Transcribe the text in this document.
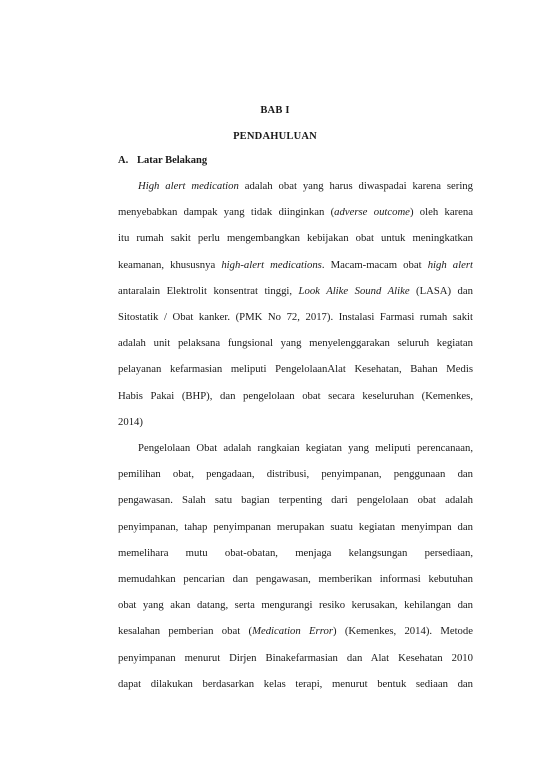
BAB I
PENDAHULUAN
A. Latar Belakang
High alert medication adalah obat yang harus diwaspadai karena sering
menyebabkan dampak yang tidak diinginkan (adverse outcome) oleh karena
itu rumah sakit perlu mengembangkan kebijakan obat untuk meningkatkan
keamanan, khususnya high-alert medications. Macam-macam obat high alert
antaralain Elektrolit konsentrat tinggi, Look Alike Sound Alike (LASA) dan
Sitostatik / Obat kanker. (PMK No 72, 2017). Instalasi Farmasi rumah sakit
adalah unit pelaksana fungsional yang menyelenggarakan seluruh kegiatan
pelayanan kefarmasian meliputi PengelolaanAlat Kesehatan, Bahan Medis
Habis Pakai (BHP), dan pengelolaan obat secara keseluruhan (Kemenkes,
2014)
Pengelolaan Obat adalah rangkaian kegiatan yang meliputi perencanaan,
pemilihan obat, pengadaan, distribusi, penyimpanan, penggunaan dan
pengawasan. Salah satu bagian terpenting dari pengelolaan obat adalah
penyimpanan, tahap penyimpanan merupakan suatu kegiatan menyimpan dan
memelihara mutu obat-obatan, menjaga kelangsungan persediaan,
memudahkan pencarian dan pengawasan, memberikan informasi kebutuhan
obat yang akan datang, serta mengurangi resiko kerusakan, kehilangan dan
kesalahan pemberian obat (Medication Error) (Kemenkes, 2014). Metode
penyimpanan menurut Dirjen Binakefarmasian dan Alat Kesehatan 2010
dapat dilakukan berdasarkan kelas terapi, menurut bentuk sediaan dan
